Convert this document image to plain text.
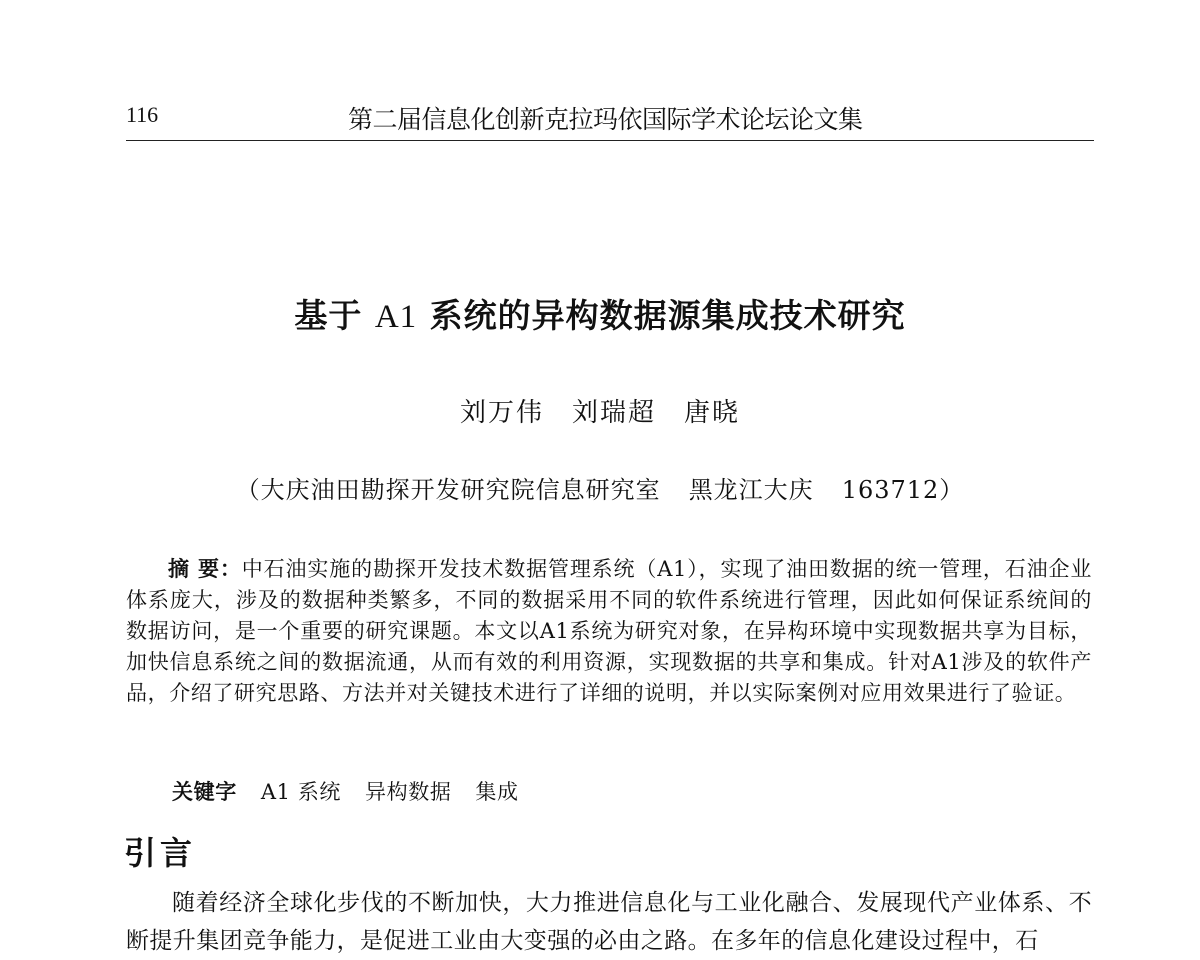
116	第二届信息化创新克拉玛依国际学术论坛论文集
基于 A1 系统的异构数据源集成技术研究
刘万伟 刘瑞超 唐晓
（大庆油田勘探开发研究院信息研究室 黑龙江大庆 163712）
摘 要：中石油实施的勘探开发技术数据管理系统（A1），实现了油田数据的统一管理，石油企业体系庞大，涉及的数据种类繁多，不同的数据采用不同的软件系统进行管理，因此如何保证系统间的数据访问，是一个重要的研究课题。本文以A1系统为研究对象，在异构环境中实现数据共享为目标，加快信息系统之间的数据流通，从而有效的利用资源，实现数据的共享和集成。针对A1涉及的软件产品，介绍了研究思路、方法并对关键技术进行了详细的说明，并以实际案例对应用效果进行了验证。
关键字 A1 系统 异构数据 集成
引言
随着经济全球化步伐的不断加快，大力推进信息化与工业化融合、发展现代产业体系、不断提升集团竞争能力，是促进工业由大变强的必由之路。在多年的信息化建设过程中，石
